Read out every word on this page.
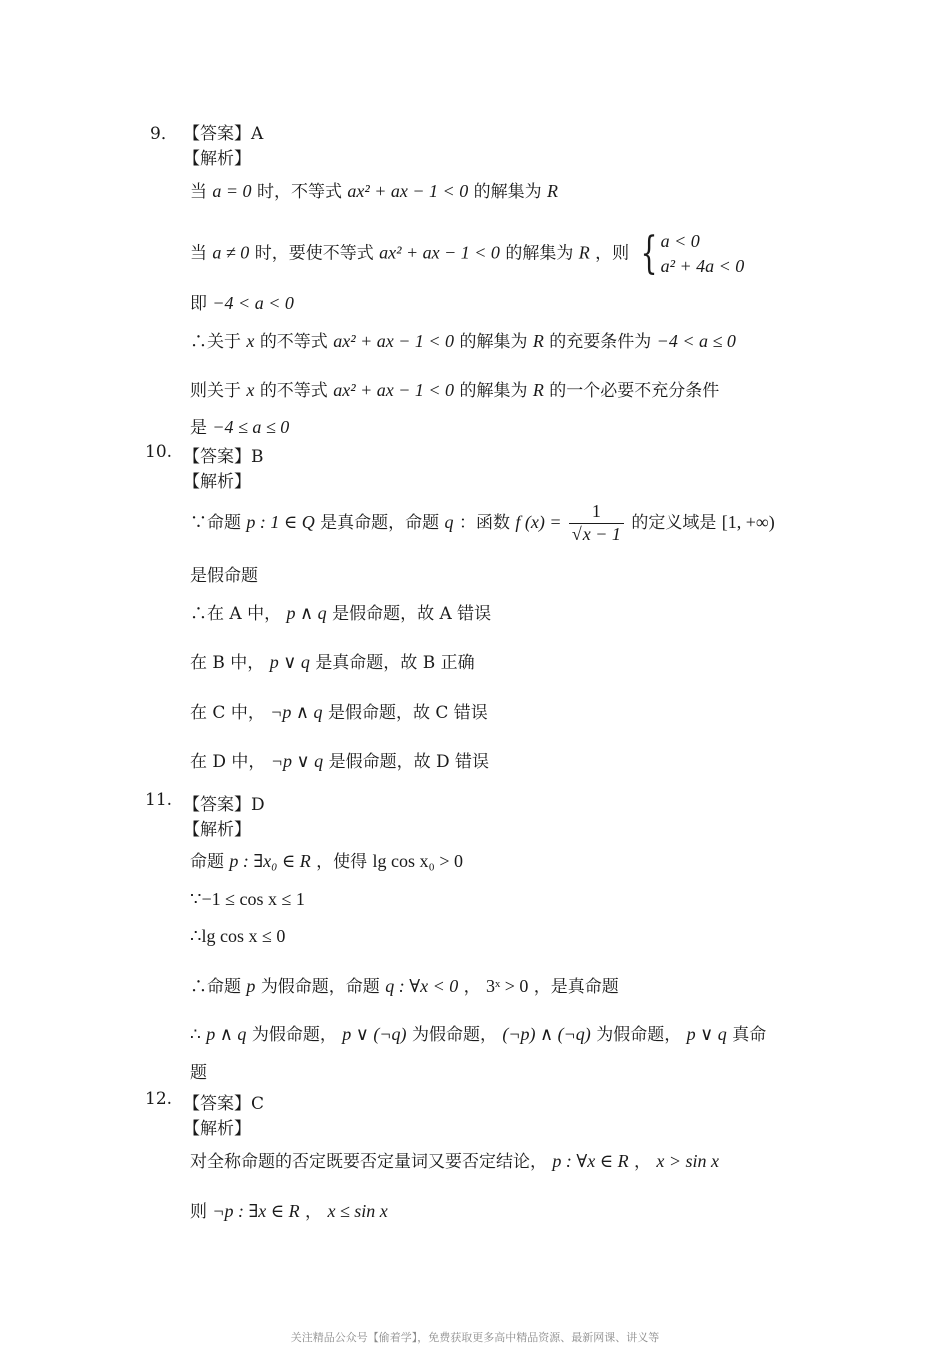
9． 【答案】A
【解析】
当 a = 0 时，不等式 ax² + ax − 1 < 0 的解集为 R
当 a ≠ 0 时，要使不等式 ax² + ax − 1 < 0 的解集为 R ，则 { a < 0
a² + 4a < 0
即 −4 < a < 0
∴关于 x 的不等式 ax² + ax − 1 < 0 的解集为 R 的充要条件为 −4 < a ≤ 0
则关于 x 的不等式 ax² + ax − 1 < 0 的解集为 R 的一个必要不充分条件
是 −4 ≤ a ≤ 0
10. 【答案】B
【解析】
∵命题 p : 1 ∈ Q 是真命题，命题 q ：函数 f $(x) = \frac{1}{√x - 1}$ 的定义域是 [1, +∞)
是假命题
∴在 A 中， p ∧ q 是假命题，故 A 错误
在 B 中， p ∨ q 是真命题，故 B 正确
在 C 中， ¬p ∧ q 是假命题，故 C 错误
在 D 中， ¬p ∨ q 是假命题，故 D 错误
11. 【答案】D
【解析】
命题 p : ∃x₀ ∈ R ，使得 lg cos x₀ > 0
∵−1 ≤ cos x ≤ 1
∴lg cos x ≤ 0
∴命题 p 为假命题，命题 q : ∀x < 0 ， 3ˣ > 0 ，是真命题
∴ p ∧ q 为假命题， p ∨ (¬q) 为假命题， (¬p) ∧ (¬q) 为假命题， p ∨ q 真命
题
12. 【答案】C
【解析】
对全称命题的否定既要否定量词又要否定结论， p : ∀x ∈ R ， x > sin x
则 ¬p : ∃x ∈ R ， x ≤ sin x
关注精品公众号【偷着学】，免费获取更多高中精品资源、最新网课、讲义等
